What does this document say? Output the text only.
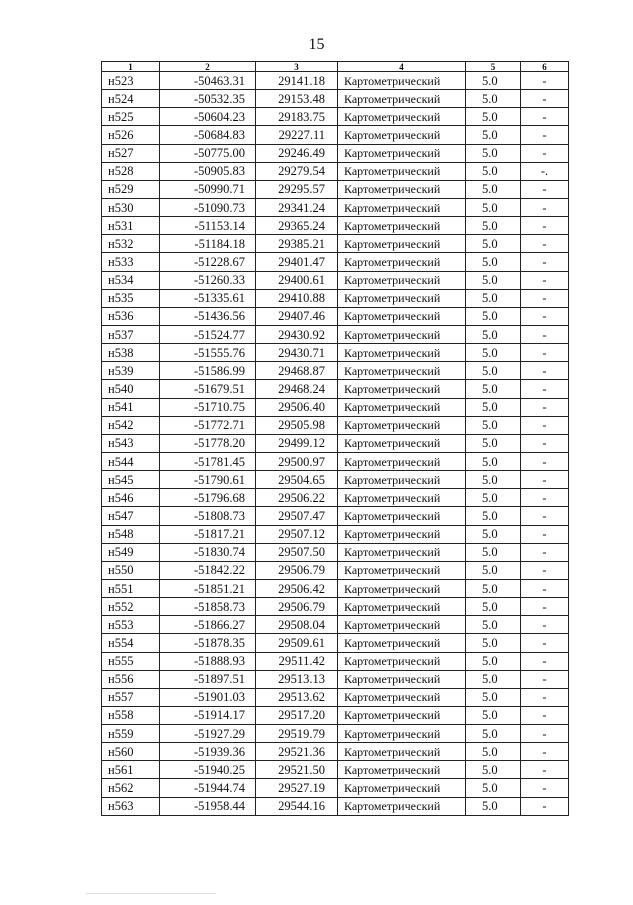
15
1	2	3	4	5	6
н523	-50463.31	29141.18	Картометрический	5.0	-
н524	-50532.35	29153.48	Картометрический	5.0	-
н525	-50604.23	29183.75	Картометрический	5.0	-
н526	-50684.83	29227.11	Картометрический	5.0	-
н527	-50775.00	29246.49	Картометрический	5.0	-
н528	-50905.83	29279.54	Картометрический	5.0	-.
н529	-50990.71	29295.57	Картометрический	5.0	-
н530	-51090.73	29341.24	Картометрический	5.0	-
н531	-51153.14	29365.24	Картометрический	5.0	-
н532	-51184.18	29385.21	Картометрический	5.0	-
н533	-51228.67	29401.47	Картометрический	5.0	-
н534	-51260.33	29400.61	Картометрический	5.0	-
н535	-51335.61	29410.88	Картометрический	5.0	-
н536	-51436.56	29407.46	Картометрический	5.0	-
н537	-51524.77	29430.92	Картометрический	5.0	-
н538	-51555.76	29430.71	Картометрический	5.0	-
н539	-51586.99	29468.87	Картометрический	5.0	-
н540	-51679.51	29468.24	Картометрический	5.0	-
н541	-51710.75	29506.40	Картометрический	5.0	-
н542	-51772.71	29505.98	Картометрический	5.0	-
н543	-51778.20	29499.12	Картометрический	5.0	-
н544	-51781.45	29500.97	Картометрический	5.0	-
н545	-51790.61	29504.65	Картометрический	5.0	-
н546	-51796.68	29506.22	Картометрический	5.0	-
н547	-51808.73	29507.47	Картометрический	5.0	-
н548	-51817.21	29507.12	Картометрический	5.0	-
н549	-51830.74	29507.50	Картометрический	5.0	-
н550	-51842.22	29506.79	Картометрический	5.0	-
н551	-51851.21	29506.42	Картометрический	5.0	-
н552	-51858.73	29506.79	Картометрический	5.0	-
н553	-51866.27	29508.04	Картометрический	5.0	-
н554	-51878.35	29509.61	Картометрический	5.0	-
н555	-51888.93	29511.42	Картометрический	5.0	-
н556	-51897.51	29513.13	Картометрический	5.0	-
н557	-51901.03	29513.62	Картометрический	5.0	-
н558	-51914.17	29517.20	Картометрический	5.0	-
н559	-51927.29	29519.79	Картометрический	5.0	-
н560	-51939.36	29521.36	Картометрический	5.0	-
н561	-51940.25	29521.50	Картометрический	5.0	-
н562	-51944.74	29527.19	Картометрический	5.0	-
н563	-51958.44	29544.16	Картометрический	5.0	-
